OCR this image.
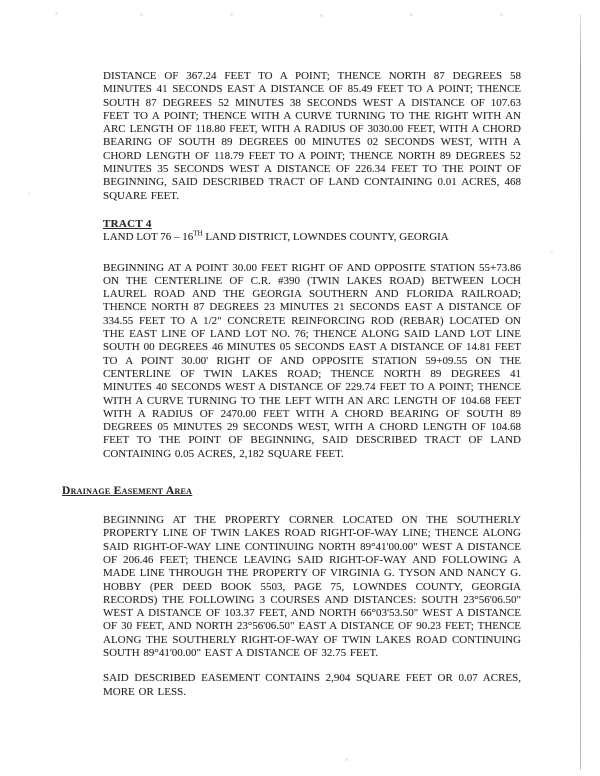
DISTANCE OF 367.24 FEET TO A POINT; THENCE NORTH 87 DEGREES 58 MINUTES 41 SECONDS EAST A DISTANCE OF 85.49 FEET TO A POINT; THENCE SOUTH 87 DEGREES 52 MINUTES 38 SECONDS WEST A DISTANCE OF 107.63 FEET TO A POINT; THENCE WITH A CURVE TURNING TO THE RIGHT WITH AN ARC LENGTH OF 118.80 FEET, WITH A RADIUS OF 3030.00 FEET, WITH A CHORD BEARING OF SOUTH 89 DEGREES 00 MINUTES 02 SECONDS WEST, WITH A CHORD LENGTH OF 118.79 FEET TO A POINT; THENCE NORTH 89 DEGREES 52 MINUTES 35 SECONDS WEST A DISTANCE OF 226.34 FEET TO THE POINT OF BEGINNING, SAID DESCRIBED TRACT OF LAND CONTAINING 0.01 ACRES, 468 SQUARE FEET.

TRACT 4

LAND LOT 76 – 16TH LAND DISTRICT, LOWNDES COUNTY, GEORGIA

BEGINNING AT A POINT 30.00 FEET RIGHT OF AND OPPOSITE STATION 55+73.86 ON THE CENTERLINE OF C.R. #390 (TWIN LAKES ROAD) BETWEEN LOCH LAUREL ROAD AND THE GEORGIA SOUTHERN AND FLORIDA RAILROAD; THENCE NORTH 87 DEGREES 23 MINUTES 21 SECONDS EAST A DISTANCE OF 334.55 FEET TO A 1/2" CONCRETE REINFORCING ROD (REBAR) LOCATED ON THE EAST LINE OF LAND LOT NO. 76; THENCE ALONG SAID LAND LOT LINE SOUTH 00 DEGREES 46 MINUTES 05 SECONDS EAST A DISTANCE OF 14.81 FEET TO A POINT 30.00' RIGHT OF AND OPPOSITE STATION 59+09.55 ON THE CENTERLINE OF TWIN LAKES ROAD; THENCE NORTH 89 DEGREES 41 MINUTES 40 SECONDS WEST A DISTANCE OF 229.74 FEET TO A POINT; THENCE WITH A CURVE TURNING TO THE LEFT WITH AN ARC LENGTH OF 104.68 FEET WITH A RADIUS OF 2470.00 FEET WITH A CHORD BEARING OF SOUTH 89 DEGREES 05 MINUTES 29 SECONDS WEST, WITH A CHORD LENGTH OF 104.68 FEET TO THE POINT OF BEGINNING, SAID DESCRIBED TRACT OF LAND CONTAINING 0.05 ACRES, 2,182 SQUARE FEET.

Drainage Easement Area

BEGINNING AT THE PROPERTY CORNER LOCATED ON THE SOUTHERLY PROPERTY LINE OF TWIN LAKES ROAD RIGHT-OF-WAY LINE; THENCE ALONG SAID RIGHT-OF-WAY LINE CONTINUING NORTH 89°41'00.00" WEST A DISTANCE OF 206.46 FEET; THENCE LEAVING SAID RIGHT-OF-WAY AND FOLLOWING A MADE LINE THROUGH THE PROPERTY OF VIRGINIA G. TYSON AND NANCY G. HOBBY (PER DEED BOOK 5503, PAGE 75, LOWNDES COUNTY, GEORGIA RECORDS) THE FOLLOWING 3 COURSES AND DISTANCES: SOUTH 23°56'06.50" WEST A DISTANCE OF 103.37 FEET, AND NORTH 66°03'53.50" WEST A DISTANCE OF 30 FEET, AND NORTH 23°56'06.50" EAST A DISTANCE OF 90.23 FEET; THENCE ALONG THE SOUTHERLY RIGHT-OF-WAY OF TWIN LAKES ROAD CONTINUING SOUTH 89°41'00.00" EAST A DISTANCE OF 32.75 FEET.

SAID DESCRIBED EASEMENT CONTAINS 2,904 SQUARE FEET OR 0.07 ACRES, MORE OR LESS.
